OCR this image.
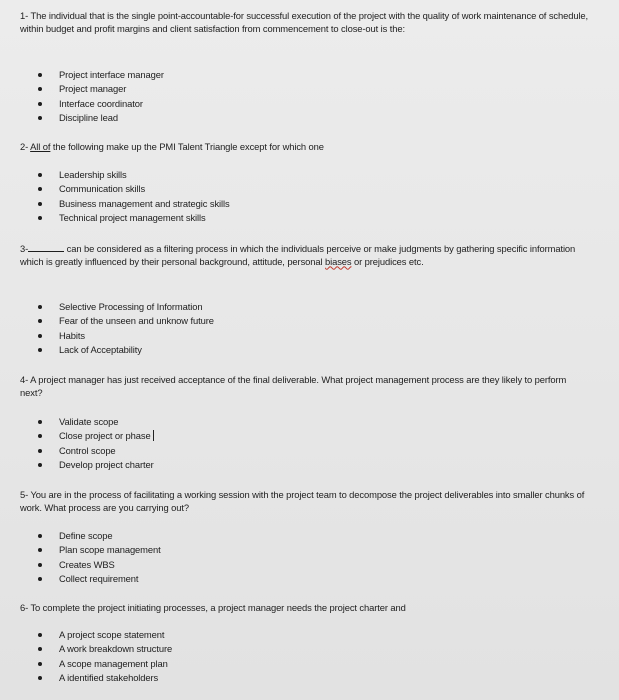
1- The individual that is the single point-accountable-for successful execution of the project with the quality of work maintenance of schedule, within budget and profit margins and client satisfaction from commencement to close-out is the:
Project interface manager
Project manager
Interface coordinator
Discipline lead
2- All of the following make up the PMI Talent Triangle except for which one
Leadership skills
Communication skills
Business management and strategic skills
Technical project management skills
3-	can be considered as a filtering process in which the individuals perceive or make judgments by gathering specific information which is greatly influenced by their personal background, attitude, personal biases or prejudices etc.
Selective Processing of Information
Fear of the unseen and unknow future
Habits
Lack of Acceptability
4- A project manager has just received acceptance of the final deliverable. What project management process are they likely to perform next?
Validate scope
Close project or phase
Control scope
Develop project charter
5- You are in the process of facilitating a working session with the project team to decompose the project deliverables into smaller chunks of work. What process are you carrying out?
Define scope
Plan scope management
Creates WBS
Collect requirement
6- To complete the project initiating processes, a project manager needs the project charter and
A project scope statement
A work breakdown structure
A scope management plan
A identified stakeholders
